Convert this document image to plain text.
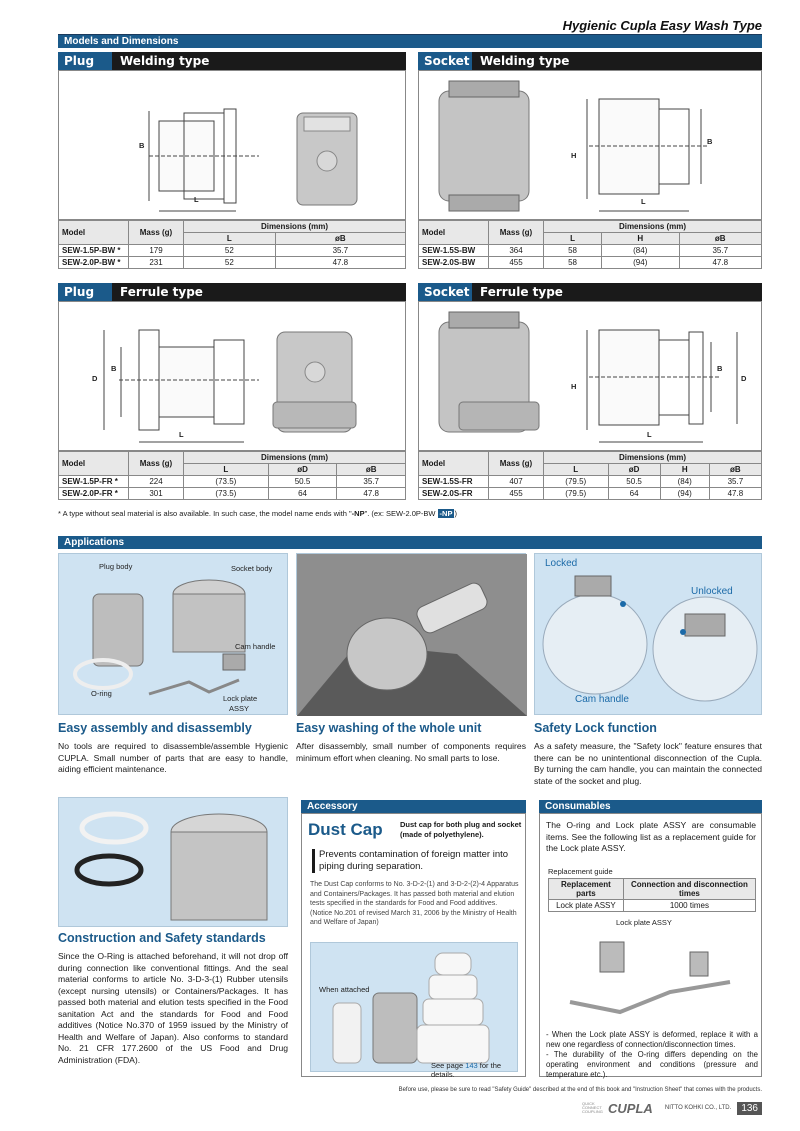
Hygienic Cupla Easy Wash Type
Models and Dimensions
Plug	Welding type
B
L
Model	Mass (g)	Dimensions (mm)	
		L	øB
SEW-1.5P-BW *	179	52	35.7
SEW-2.0P-BW *	231	52	47.8
Socket Welding type
H
B
L
Model	Mass (g)	Dimensions (mm)		
		L	H	øB
SEW-1.5S-BW	364	58	(84)	35.7
SEW-2.0S-BW	455	58	(94)	47.8
Plug	Ferrule type
D
B
L
Model	Mass (g)	Dimensions (mm)		
		L	øD	øB
SEW-1.5P-FR *	224	(73.5)	50.5	35.7
SEW-2.0P-FR *	301	(73.5)	64	47.8
Socket Ferrule type
H
B
D
L
Model	Mass (g)	Dimensions (mm)			
		L	øD	H	øB
SEW-1.5S-FR	407	(79.5)	50.5	(84)	35.7
SEW-2.0S-FR	455	(79.5)	64	(94)	47.8
* A type without seal material is also available. In such case, the model name ends with "-NP". (ex: SEW-2.0P-BW -NP )
Applications
Plug body	Socket body
Cam handle
O-ring
Lock plate
ASSY
Locked
Unlocked
Cam handle
Easy assembly and disassembly
No tools are required to disassemble/assemble Hygienic CUPLA. Small number of parts that are easy to handle, aiding efficient maintenance.
Easy washing of the whole unit
After disassembly, small number of components requires minimum effort when cleaning. No small parts to lose.
Safety Lock function
As a safety measure, the "Safety lock" feature ensures that there can be no unintentional disconnection of the Cupla. By turning the cam handle, you can maintain the connected state of the socket and plug.
Construction and Safety standards
Since the O-Ring is attached beforehand, it will not drop off during connection like conventional fittings. And the seal material conforms to article No. 3-D-3-(1) Rubber utensils (except nursing utensils) or Containers/Packages. It has passed both material and elution tests specified in the Food sanitation Act and the standards for Food and Food additives (Notice No.370 of 1959 issued by the Ministry of Health and Welfare of Japan). Also conforms to standard No. 21 CFR 177.2600 of the US Food and Drug Administration (FDA).
Accessory
Dust Cap Dust cap for both plug and socket (made of polyethylene).
Prevents contamination of foreign matter into piping during separation.
The Dust Cap conforms to No. 3-D-2-(1) and 3-D-2-(2)-4 Apparatus and Containers/Packages. It has passed both material and elution tests specified in the standards for Food and Food additives. (Notice No.201 of revised March 31, 2006 by the Ministry of Health and Welfare of Japan)
When attached
See page 143 for the details.
Consumables
The O-ring and Lock plate ASSY are consumable items. See the following list as a replacement guide for the Lock plate ASSY.
Replacement guide
Replacement parts	Connection and disconnection times
Lock plate ASSY	1000 times
Lock plate ASSY
- When the Lock plate ASSY is deformed, replace it with a new one regardless of connection/disconnection times.
- The durability of the O-ring differs depending on the operating environment and conditions (pressure and temperature etc.).
Before use, please be sure to read "Safety Guide" described at the end of this book and "Instruction Sheet" that comes with the products.
QUICK CONNECT COUPLING CUPLA NITTO KOHKI CO., LTD.	136
